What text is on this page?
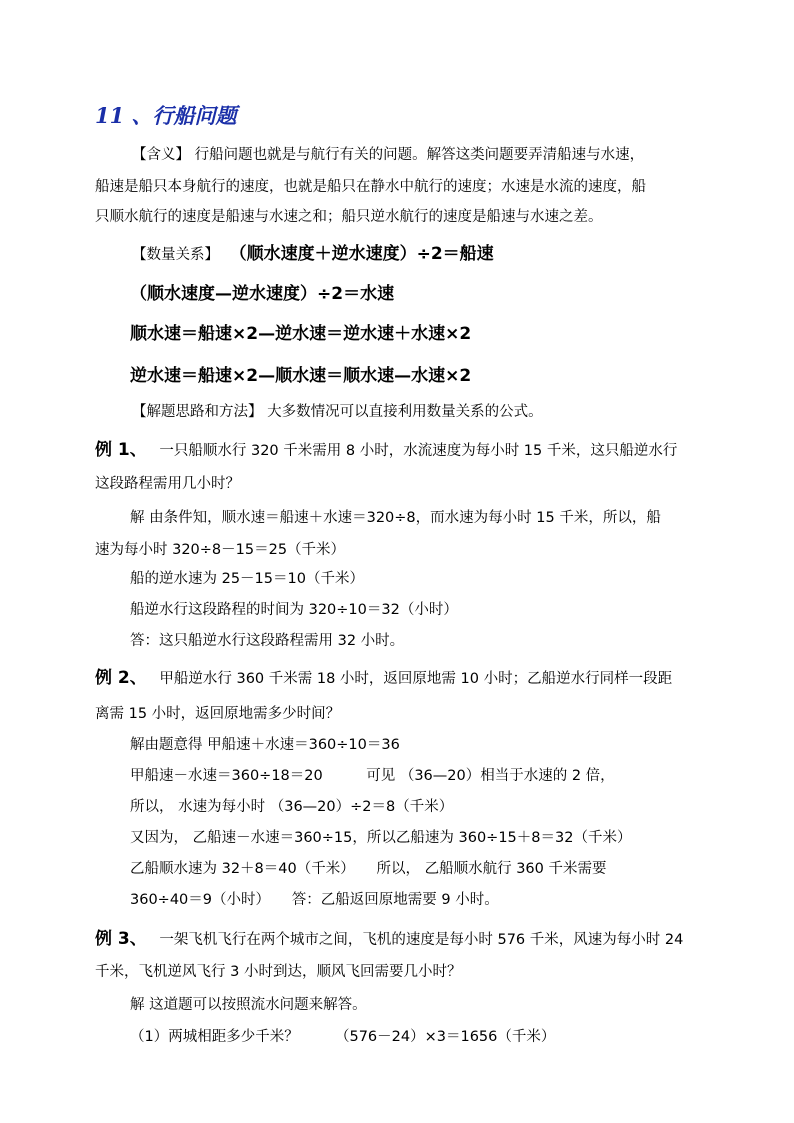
11 、行船问题
【含义】 行船问题也就是与航行有关的问题。解答这类问题要弄清船速与水速，
船速是船只本身航行的速度，也就是船只在静水中航行的速度；水速是水流的速度，船
只顺水航行的速度是船速与水速之和；船只逆水航行的速度是船速与水速之差。
【数量关系】 （顺水速度＋逆水速度）÷2＝船速
（顺水速度—逆水速度）÷2＝水速
顺水速＝船速×2—逆水速＝逆水速＋水速×2
逆水速＝船速×2—顺水速＝顺水速—水速×2
【解题思路和方法】 大多数情况可以直接利用数量关系的公式。
例 1、 一只船顺水行 320 千米需用 8 小时，水流速度为每小时 15 千米，这只船逆水行
这段路程需用几小时？
解 由条件知，顺水速＝船速＋水速＝320÷8，而水速为每小时 15 千米，所以，船
速为每小时 320÷8－15＝25（千米）
船的逆水速为 25－15＝10（千米）
船逆水行这段路程的时间为 320÷10＝32（小时）
答：这只船逆水行这段路程需用 32 小时。
例 2、 甲船逆水行 360 千米需 18 小时，返回原地需 10 小时；乙船逆水行同样一段距
离需 15 小时，返回原地需多少时间？
解由题意得 甲船速＋水速＝360÷10＝36
甲船速－水速＝360÷18＝20　　　可见 （36—20）相当于水速的 2 倍，
所以， 水速为每小时 （36—20）÷2＝8（千米）
又因为， 乙船速－水速＝360÷15，所以乙船速为 360÷15＋8＝32（千米）
乙船顺水速为 32＋8＝40（千米）　　所以， 乙船顺水航行 360 千米需要
360÷40＝9（小时）　　答：乙船返回原地需要 9 小时。
例 3、 一架飞机飞行在两个城市之间，飞机的速度是每小时 576 千米，风速为每小时 24
千米，飞机逆风飞行 3 小时到达，顺风飞回需要几小时？
解 这道题可以按照流水问题来解答。
（1）两城相距多少千米？　　　（576－24）×3＝1656（千米）
